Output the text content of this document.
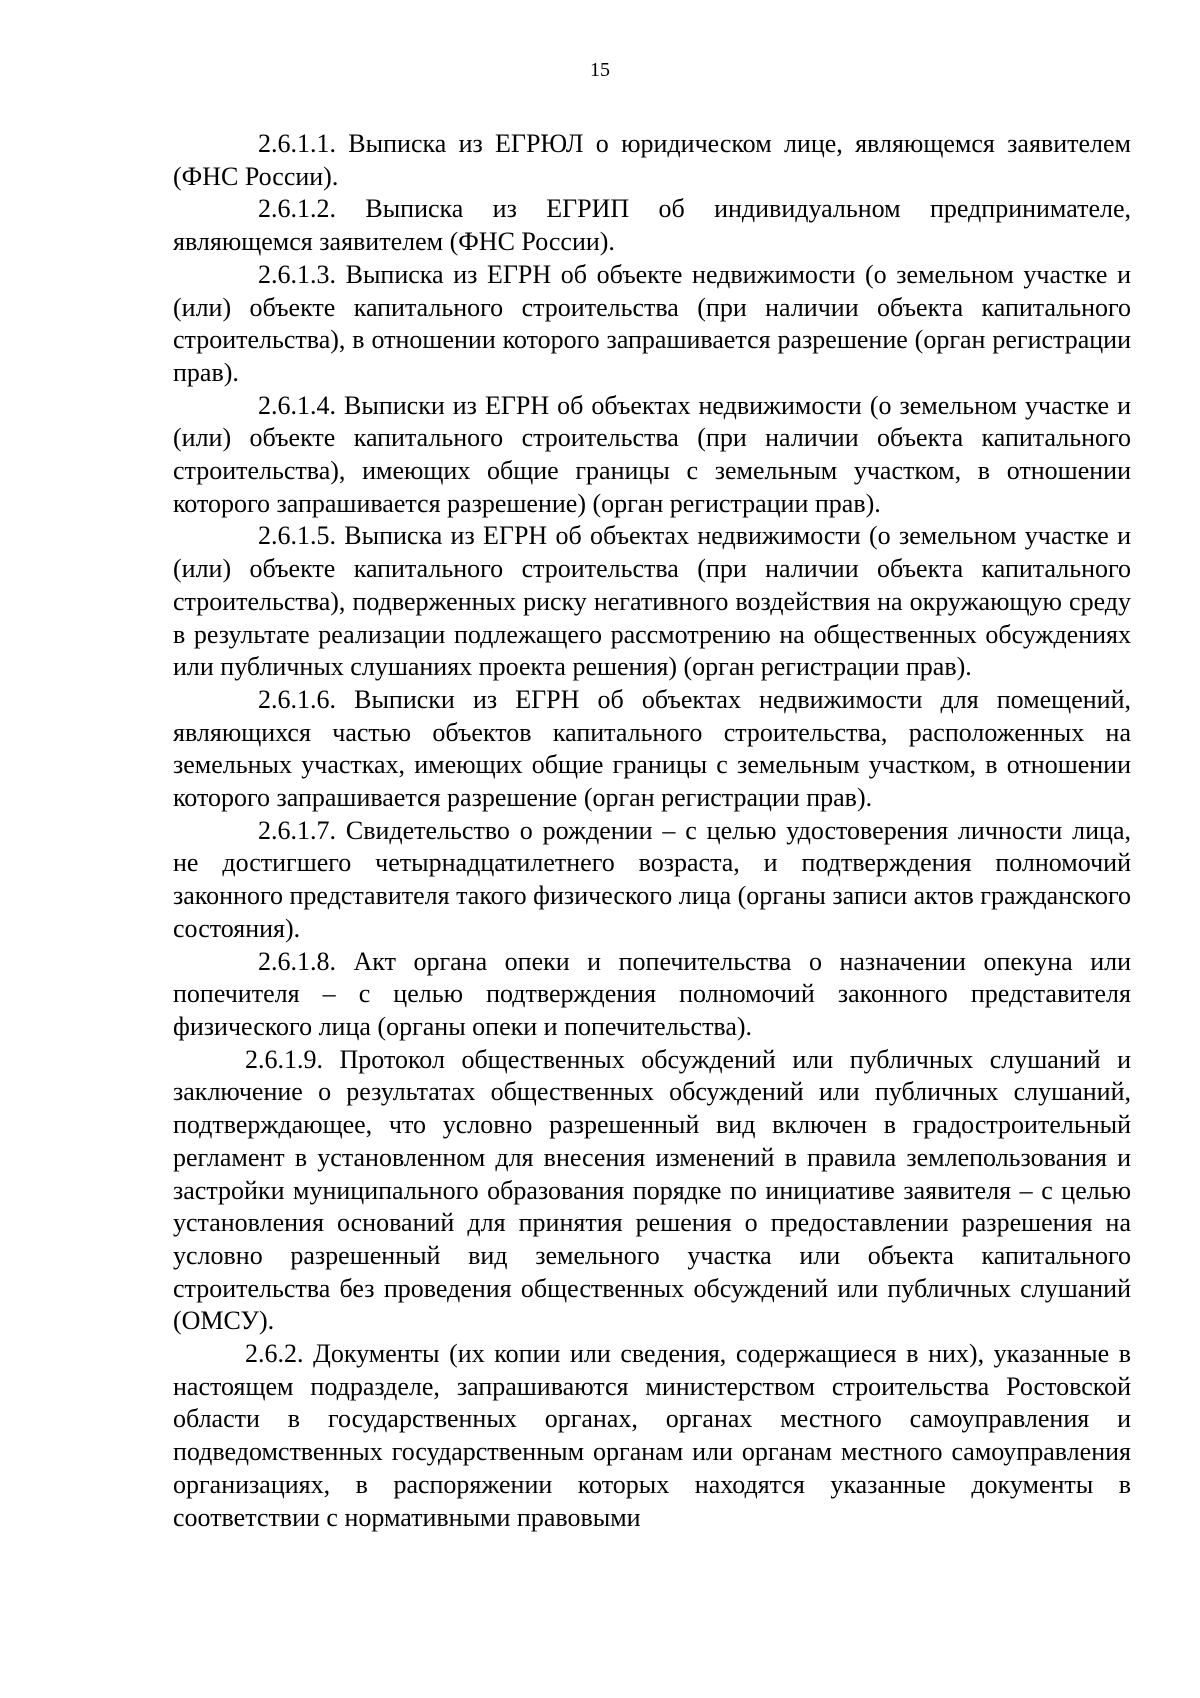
15

2.6.1.1. Выписка из ЕГРЮЛ о юридическом лице, являющемся заявителем (ФНС России).

2.6.1.2. Выписка из ЕГРИП об индивидуальном предпринимателе, являющемся заявителем (ФНС России).

2.6.1.3. Выписка из ЕГРН об объекте недвижимости (о земельном участке и (или) объекте капитального строительства (при наличии объекта капитального строительства), в отношении которого запрашивается разрешение (орган регистрации прав).

2.6.1.4. Выписки из ЕГРН об объектах недвижимости (о земельном участке и (или) объекте капитального строительства (при наличии объекта капитального строительства), имеющих общие границы с земельным участком, в отношении которого запрашивается разрешение) (орган регистрации прав).

2.6.1.5. Выписка из ЕГРН об объектах недвижимости (о земельном участке и (или) объекте капитального строительства (при наличии объекта капитального строительства), подверженных риску негативного воздействия на окружающую среду в результате реализации подлежащего рассмотрению на общественных обсуждениях или публичных слушаниях проекта решения) (орган регистрации прав).

2.6.1.6. Выписки из ЕГРН об объектах недвижимости для помещений, являющихся частью объектов капитального строительства, расположенных на земельных участках, имеющих общие границы с земельным участком, в отношении которого запрашивается разрешение (орган регистрации прав).

2.6.1.7. Свидетельство о рождении – с целью удостоверения личности лица, не достигшего четырнадцатилетнего возраста, и подтверждения полномочий законного представителя такого физического лица (органы записи актов гражданского состояния).

2.6.1.8. Акт органа опеки и попечительства о назначении опекуна или попечителя – с целью подтверждения полномочий законного представителя физического лица (органы опеки и попечительства).

2.6.1.9. Протокол общественных обсуждений или публичных слушаний и заключение о результатах общественных обсуждений или публичных слушаний, подтверждающее, что условно разрешенный вид включен в градостроительный регламент в установленном для внесения изменений в правила землепользования и застройки муниципального образования порядке по инициативе заявителя – с целью установления оснований для принятия решения о предоставлении разрешения на условно разрешенный вид земельного участка или объекта капитального строительства без проведения общественных обсуждений или публичных слушаний (ОМСУ).

2.6.2. Документы (их копии или сведения, содержащиеся в них), указанные в настоящем подразделе, запрашиваются министерством строительства Ростовской области в государственных органах, органах местного самоуправления и подведомственных государственным органам или органам местного самоуправления организациях, в распоряжении которых находятся указанные документы в соответствии с нормативными правовыми
